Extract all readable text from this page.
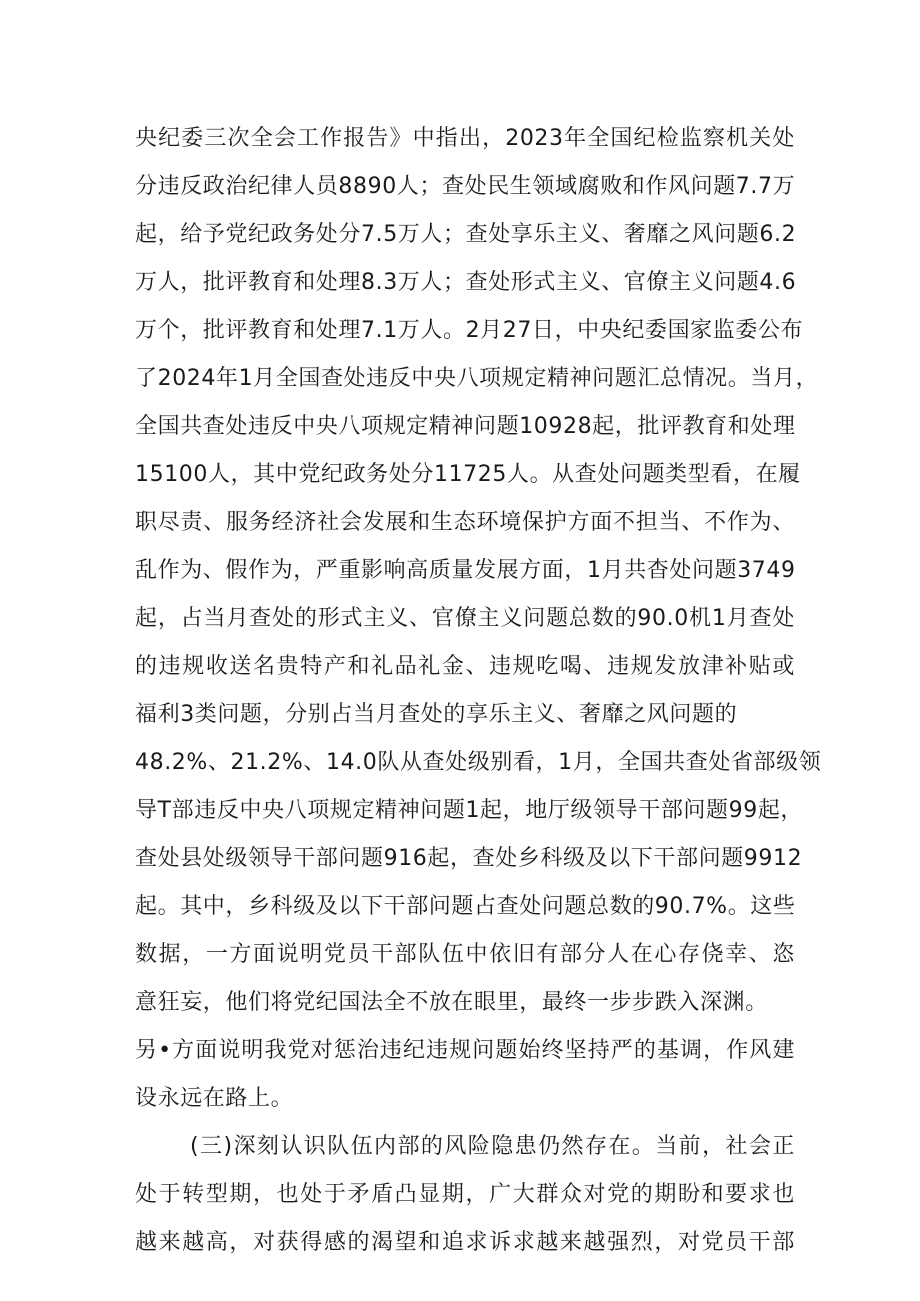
央纪委三次全会工作报告》中指出，2023年全国纪检监察机关处
分违反政治纪律人员8890人；查处民生领域腐败和作风问题7.7万
起，给予党纪政务处分7.5万人；查处享乐主义、奢靡之风问题6.2
万人，批评教育和处理8.3万人；查处形式主义、官僚主义问题4.6
万个，批评教育和处理7.1万人。2月27日，中央纪委国家监委公布
了2024年1月全国查处违反中央八项规定精神问题汇总情况。当月，
全国共查处违反中央八项规定精神问题10928起，批评教育和处理
15100人，其中党纪政务处分11725人。从查处问题类型看，在履
职尽责、服务经济社会发展和生态环境保护方面不担当、不作为、
乱作为、假作为，严重影响高质量发展方面，1月共杳处问题3749
起，占当月查处的形式主义、官僚主义问题总数的90.0机1月查处
的违规收送名贵特产和礼品礼金、违规吃喝、违规发放津补贴或
福利3类问题，分别占当月查处的享乐主义、奢靡之风问题的
48.2%、21.2%、14.0队从查处级别看，1月，全国共查处省部级领
导T部违反中央八项规定精神问题1起，地厅级领导干部问题99起，
查处县处级领导干部问题916起，查处乡科级及以下干部问题9912
起。其中，乡科级及以下干部问题占查处问题总数的90.7%。这些
数据，一方面说明党员干部队伍中依旧有部分人在心存侥幸、恣
意狂妄，他们将党纪国法全不放在眼里，最终一步步跌入深渊。
另•方面说明我党对惩治违纪违规问题始终坚持严的基调，作风建
设永远在路上。
(三)深刻认识队伍内部的风险隐患仍然存在。当前，社会正
处于转型期，也处于矛盾凸显期，广大群众对党的期盼和要求也
越来越高，对获得感的渴望和追求诉求越来越强烈，对党员干部
